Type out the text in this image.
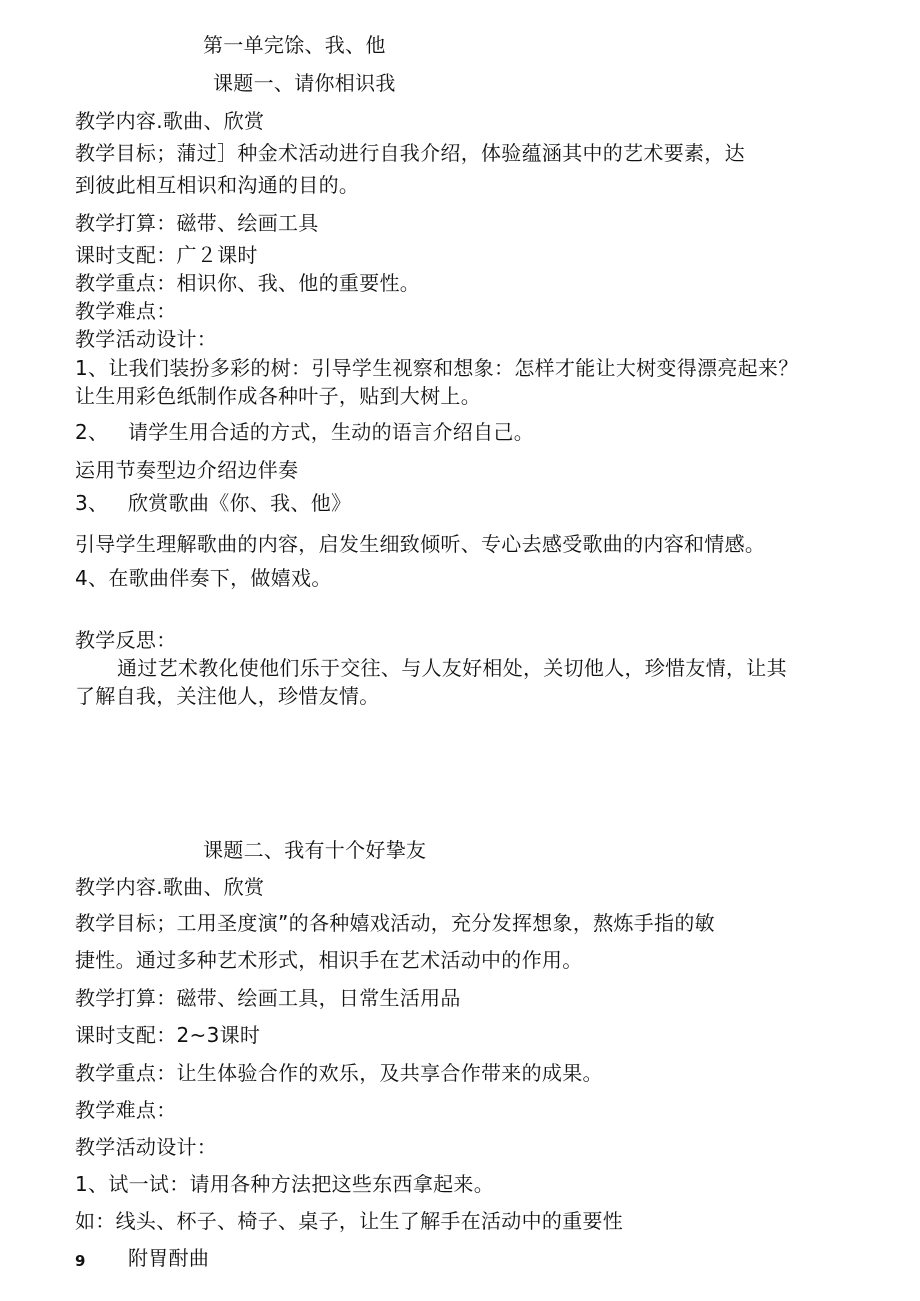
第一单完馀、我、他
课题一、请你相识我
教学内容.歌曲、欣赏
教学目标；蒲过］种金术活动进行自我介绍，体验蕴涵其中的艺术要素，达
到彼此相互相识和沟通的目的。
教学打算：磁带、绘画工具
课时支配：广２课时
教学重点：相识你、我、他的重要性。
教学难点：
教学活动设计：
1、让我们装扮多彩的树：引导学生视察和想象：怎样才能让大树变得漂亮起来？
让生用彩色纸制作成各种叶子，贴到大树上。
2、 请学生用合适的方式，生动的语言介绍自己。
运用节奏型边介绍边伴奏
3、 欣赏歌曲《你、我、他》
引导学生理解歌曲的内容，启发生细致倾听、专心去感受歌曲的内容和情感。
4、在歌曲伴奏下，做嬉戏。
教学反思：
通过艺术教化使他们乐于交往、与人友好相处，关切他人，珍惜友情，让其
了解自我，关注他人，珍惜友情。
课题二、我有十个好挚友
教学内容.歌曲、欣赏
教学目标；工用圣度演”的各种嬉戏活动，充分发挥想象，熬炼手指的敏
捷性。通过多种艺术形式，相识手在艺术活动中的作用。
教学打算：磁带、绘画工具，日常生活用品
课时支配：2~3课时
教学重点：让生体验合作的欢乐，及共享合作带来的成果。
教学难点：
教学活动设计：
1、试一试：请用各种方法把这些东西拿起来。
如：线头、杯子、椅子、桌子，让生了解手在活动中的重要性
9 附胃酎曲
